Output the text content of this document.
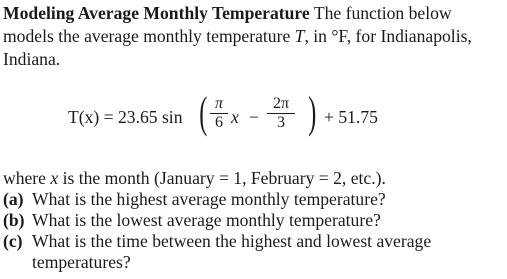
Modeling Average Monthly Temperature The function below models the average monthly temperature T, in °F, for Indianapolis, Indiana.
T(x) = 23.65 sin ( π
6 x −
2π
3 ) + 51.75
where x is the month (January = 1, February = 2, etc.).
(a) What is the highest average monthly temperature?
(b) What is the lowest average monthly temperature?
(c) What is the time between the highest and lowest average temperatures?
